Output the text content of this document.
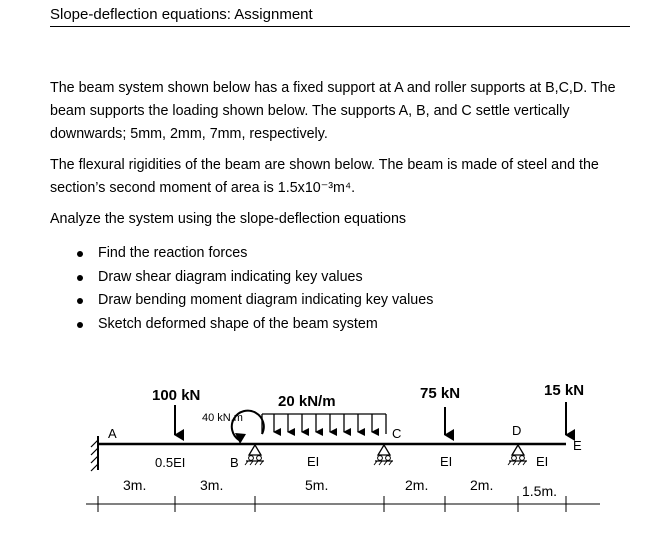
Slope-deflection equations: Assignment

The beam system shown below has a fixed support at A and roller supports at B,C,D. The beam supports the loading shown below. The supports A, B, and C settle vertically downwards; 5mm, 2mm, 7mm, respectively.

The flexural rigidities of the beam are shown below. The beam is made of steel and the section’s second moment of area is 1.5x10⁻³m⁴.

Analyze the system using the slope-deflection equations

Find the reaction forces
Draw shear diagram indicating key values
Draw bending moment diagram indicating key values
Sketch deformed shape of the beam system
100 kN
40 kN.m
20 kN/m	75 kN	15 kN
A
B
C	D
E
0.5EI	EI	EI	EI
3m.	3m.	5m.	2m.	2m. 1.5m.
